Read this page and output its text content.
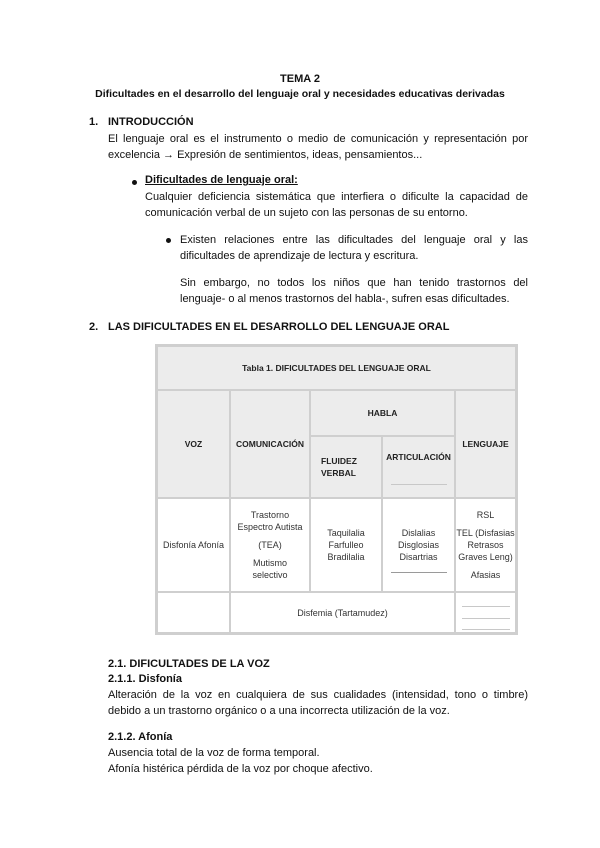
TEMA 2
Dificultades en el desarrollo del lenguaje oral y necesidades educativas derivadas
1. INTRODUCCIÓN
El lenguaje oral es el instrumento o medio de comunicación y representación por
excelencia → Expresión de sentimientos, ideas, pensamientos...
Dificultades de lenguaje oral:
Cualquier deficiencia sistemática que interfiera o dificulte la capacidad de
comunicación verbal de un sujeto con las personas de su entorno.
Existen relaciones entre las dificultades del lenguaje oral y las
dificultades de aprendizaje de lectura y escritura.
Sin embargo, no todos los niños que han tenido trastornos del
lenguaje- o al menos trastornos del habla-, sufren esas dificultades.
2. LAS DIFICULTADES EN EL DESARROLLO DEL LENGUAJE ORAL
Tabla 1. DIFICULTADES DEL LENGUAJE ORAL
VOZ	COMUNICACIÓN
HABLA
FLUIDEZ VERBAL
ARTICULACIÓN
LENGUAJE
Disfonía Afonía
Trastorno
Espectro Autista
(TEA)
Mutismo
selectivo
Taquilalia
Farfulleo
Bradilalia
Dislalias
Disglosias
Disartrias
RSL
TEL (Disfasias
Retrasos
Graves Leng)
Afasias
Disfemia (Tartamudez)
2.1. DIFICULTADES DE LA VOZ
2.1.1. Disfonía
Alteración de la voz en cualquiera de sus cualidades (intensidad, tono o timbre)
debido a un trastorno orgánico o a una incorrecta utilización de la voz.
2.1.2. Afonía
Ausencia total de la voz de forma temporal.
Afonía histérica pérdida de la voz por choque afectivo.
